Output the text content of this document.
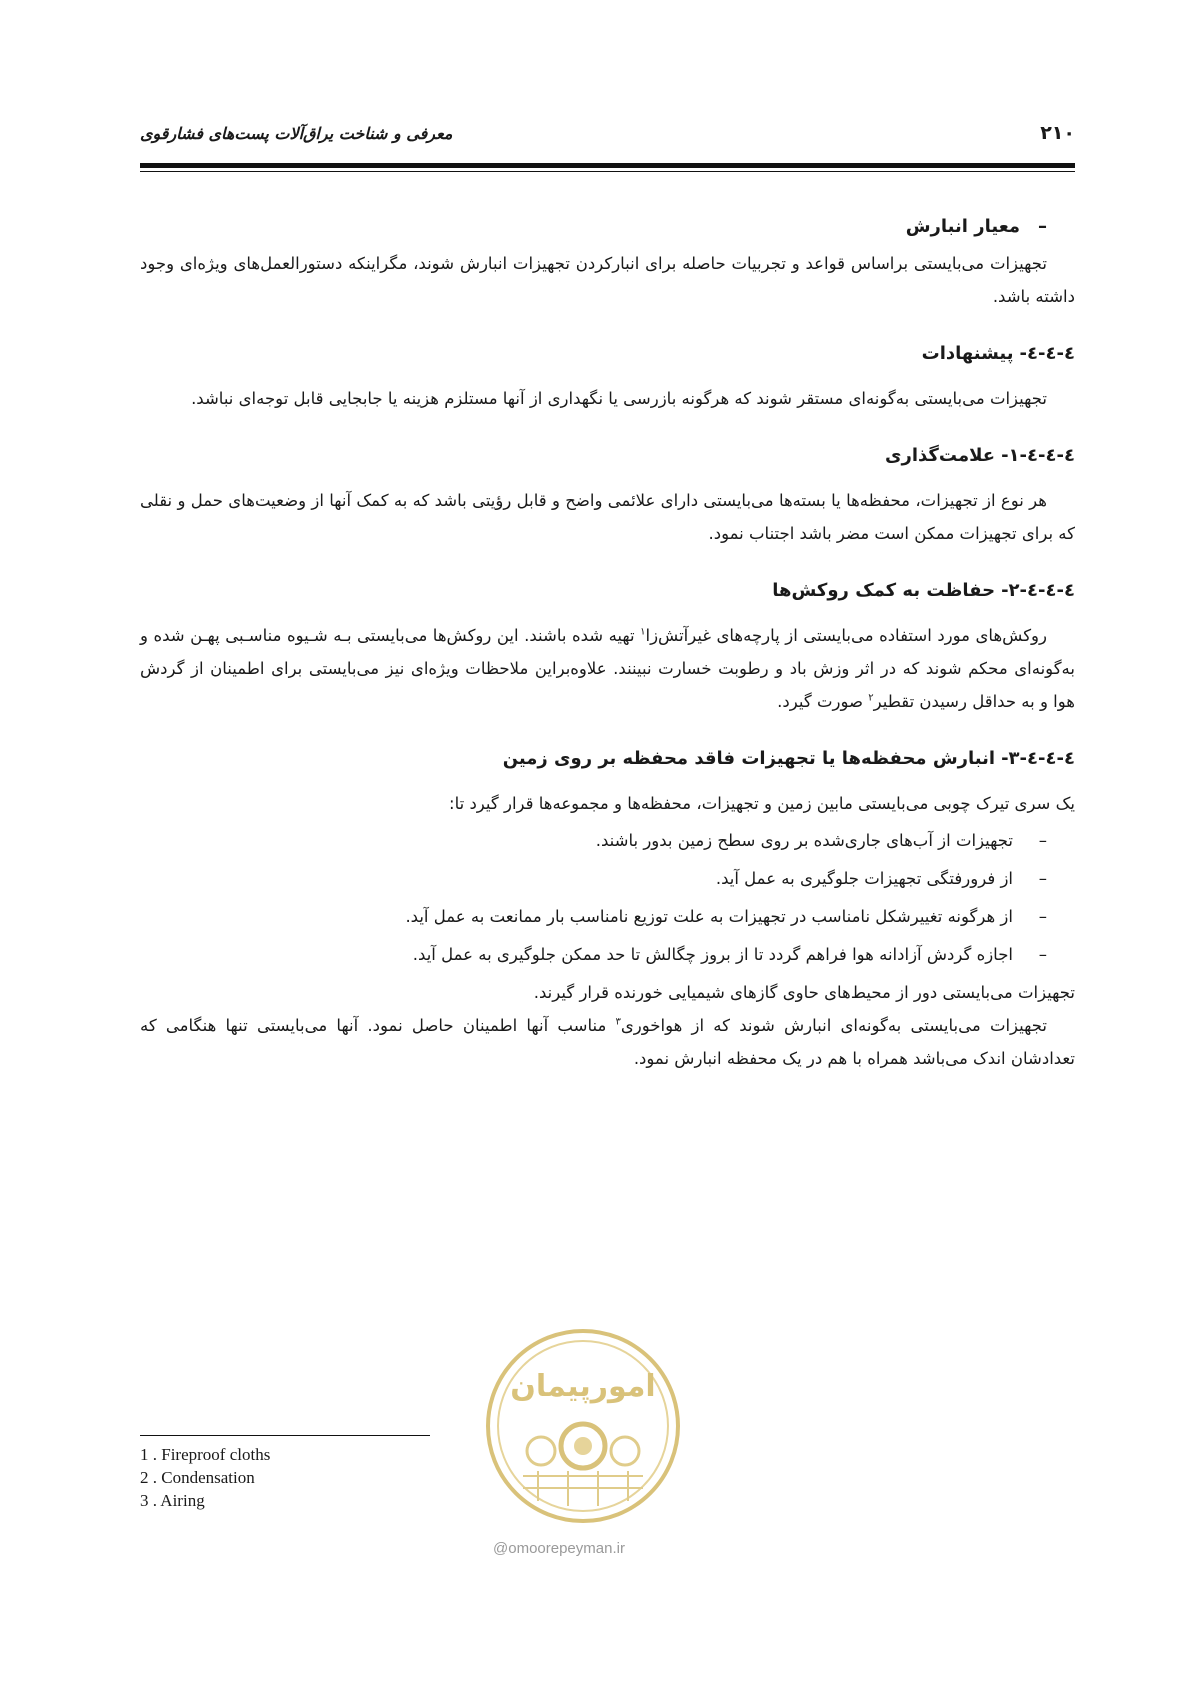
۲۱۰
معرفی و شناخت یراق‌آلات پست‌های فشارقوی
–معیار انبارش

تجهیزات می‌بایستی براساس قواعد و تجربیات حاصله برای انبارکردن تجهیزات انبارش شوند، مگراینکه دستورالعمل‌های ویژه‌ای وجود داشته باشد.

٤-٤-٤-پیشنهادات

تجهیزات می‌بایستی به‌گونه‌ای مستقر شوند که هرگونه بازرسی یا نگهداری از آنها مستلزم هزینه یا جابجایی قابل توجه‌ای نباشد.

٤-٤-٤-١-علامت‌گذاری

هر نوع از تجهیزات، محفظه‌ها یا بسته‌ها می‌بایستی دارای علائمی واضح و قابل رؤیتی باشد که به کمک آنها از وضعیت‌های حمل و نقلی که برای تجهیزات ممکن است مضر باشد اجتناب نمود.

٤-٤-٤-٢-حفاظت به کمک روکش‌ها

روکش‌های مورد استفاده می‌بایستی از پارچه‌های غیرآتش‌زا$^۱$ تهیه شده باشند. این روکش‌ها می‌بایستی بـه شـیوه مناسـبی پهـن شده و به‌گونه‌ای محکم شوند که در اثر وزش باد و رطوبت خسارت نبینند. علاوه‌براین ملاحظات ویژه‌ای نیز می‌بایستی برای اطمینان از گردش هوا و به حداقل رسیدن تقطیر$^۲$ صورت گیرد.

٤-٤-٤-٣-انبارش محفظه‌ها یا تجهیزات فاقد محفظه بر روی زمین

یک سری تیرک چوبی می‌بایستی مابین زمین و تجهیزات، محفظه‌ها و مجموعه‌ها قرار گیرد تا:

–تجهیزات از آب‌های جاری‌شده بر روی سطح زمین بدور باشند.
–از فرورفتگی تجهیزات جلوگیری به عمل آید.
–از هرگونه تغییرشکل نامناسب در تجهیزات به علت توزیع نامناسب بار ممانعت به عمل آید.
–اجازه گردش آزادانه هوا فراهم گردد تا از بروز چگالش تا حد ممکن جلوگیری به عمل آید.

تجهیزات می‌بایستی دور از محیط‌های حاوی گازهای شیمیایی خورنده قرار گیرند.

تجهیزات می‌بایستی به‌گونه‌ای انبارش شوند که از هواخوری$^۳$ مناسب آنها اطمینان حاصل نمود. آنها می‌بایستی تنها هنگامی که تعدادشان اندک می‌باشد همراه با هم در یک محفظه انبارش نمود.

امورپیمان
@omoorepeyman.ir
1 . Fireproof cloths
2 . Condensation
3 . Airing
